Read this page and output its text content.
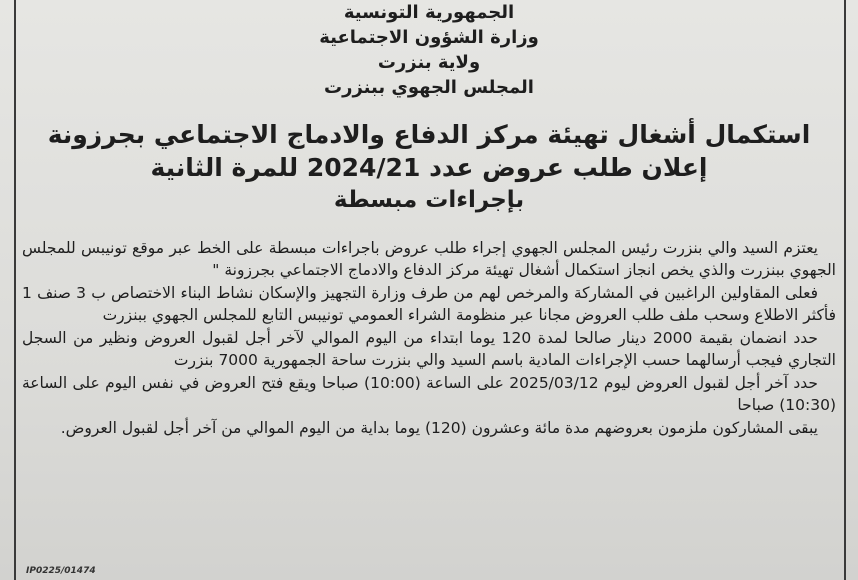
الجمهورية التونسية

وزارة الشؤون الاجتماعية

ولاية بنزرت

المجلس الجهوي ببنزرت

استكمال أشغال تهيئة مركز الدفاع والادماج الاجتماعي بجرزونة

إعلان طلب عروض عدد 2024/21 للمرة الثانية

بإجراءات مبسطة

يعتزم السيد والي بنزرت رئيس المجلس الجهوي إجراء طلب عروض باجراءات مبسطة على الخط عبر موقع تونيبس للمجلس الجهوي ببنزرت والذي يخص انجاز استكمال أشغال تهيئة مركز الدفاع والادماج الاجتماعي بجرزونة "

فعلى المقاولين الراغبين في المشاركة والمرخص لهم من طرف وزارة التجهيز والإسكان نشاط البناء الاختصاص ب 3 صنف 1 فأكثر الاطلاع وسحب ملف طلب العروض مجانا عبر منظومة الشراء العمومي تونيبس التابع للمجلس الجهوي ببنزرت

حدد انضمان بقيمة 2000 دينار صالحا لمدة 120 يوما ابتداء من اليوم الموالي لآخر أجل لقبول العروض ونظير من السجل التجاري فيجب أرسالهما حسب الإجراءات المادية باسم السيد والي بنزرت ساحة الجمهورية 7000 بنزرت

حدد آخر أجل لقبول العروض ليوم 2025/03/12 على الساعة (10:00) صباحا ويقع فتح العروض في نفس اليوم على الساعة (10:30) صباحا

يبقى المشاركون ملزمون بعروضهم مدة مائة وعشرون (120) يوما بداية من اليوم الموالي من آخر أجل لقبول العروض.

IP0225/01474
